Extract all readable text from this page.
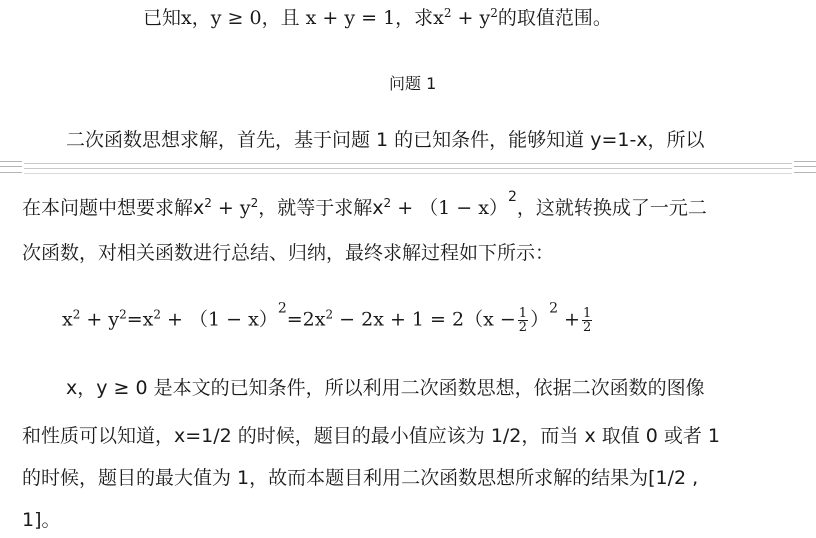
已知x，y ≥ 0，且 x + y = 1，求$x^2 + y^2$的取值范围。
问题 1
二次函数思想求解，首先，基于问题 1 的已知条件，能够知道 y=1-x，所以
在本问题中想要求解$x^2 + y^2$，就等于求解$x^2 + (1 - x)^2$，这就转换成了一元二
次函数，对相关函数进行总结、归纳，最终求解过程如下所示：
$x^2 + y^2=x^2 + (1 - x)^2=2x^2 - 2x + 1 = 2(x - \frac{1}{2} )^2 + \frac{1}{2}$
x，y ≥ 0 是本文的已知条件，所以利用二次函数思想，依据二次函数的图像
和性质可以知道，x=1/2 的时候，题目的最小值应该为 1/2，而当 x 取值 0 或者 1
的时候，题目的最大值为 1，故而本题目利用二次函数思想所求解的结果为[1/2 ,
1]。
